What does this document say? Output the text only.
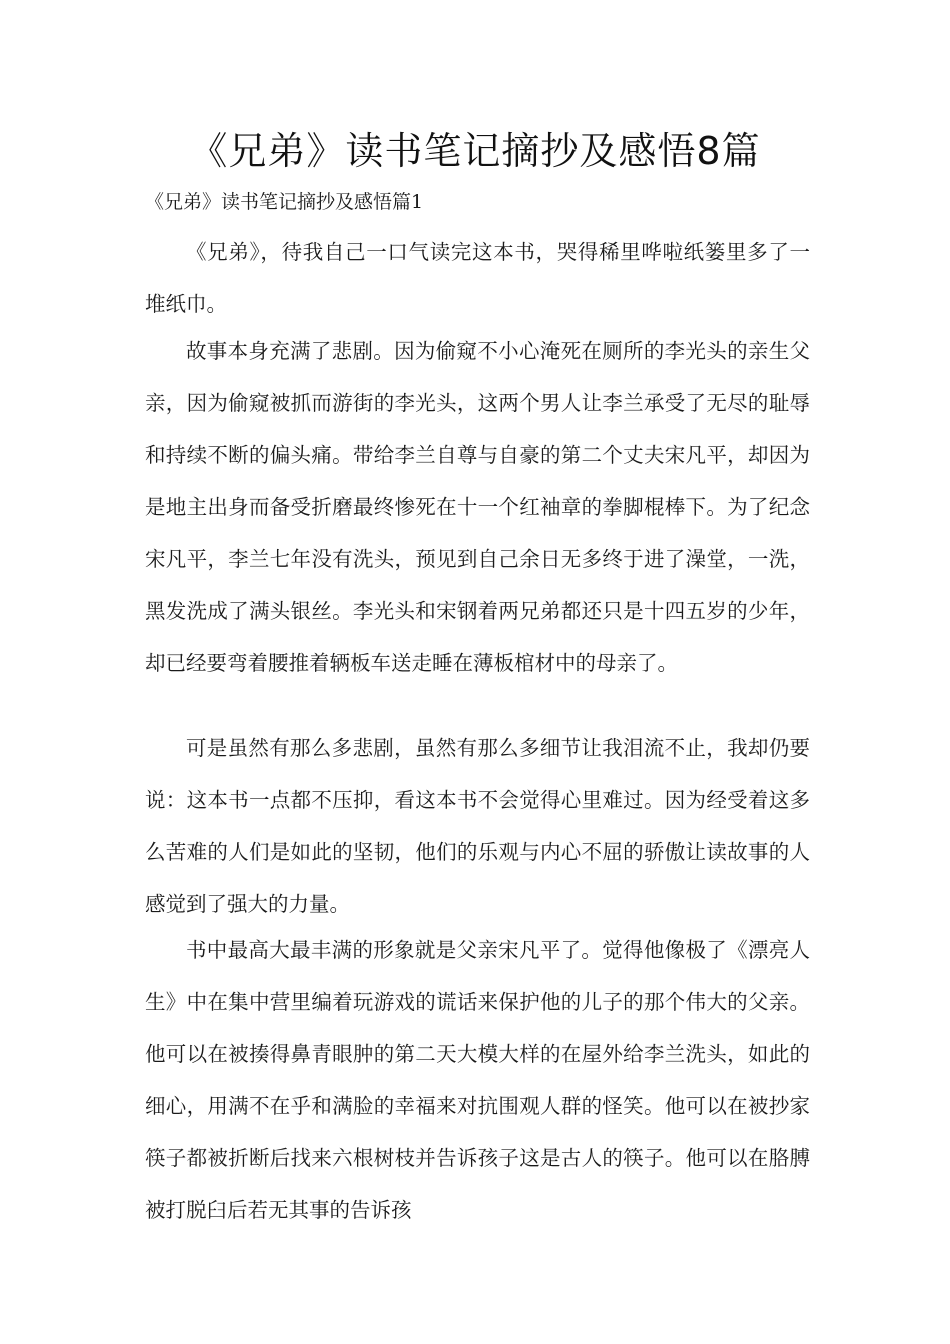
《兄弟》读书笔记摘抄及感悟8篇

《兄弟》读书笔记摘抄及感悟篇1

《兄弟》，待我自己一口气读完这本书，哭得稀里哗啦纸篓里多了一堆纸巾。

故事本身充满了悲剧。因为偷窥不小心淹死在厕所的李光头的亲生父亲，因为偷窥被抓而游街的李光头，这两个男人让李兰承受了无尽的耻辱和持续不断的偏头痛。带给李兰自尊与自豪的第二个丈夫宋凡平，却因为是地主出身而备受折磨最终惨死在十一个红袖章的拳脚棍棒下。为了纪念宋凡平，李兰七年没有洗头，预见到自己余日无多终于进了澡堂，一洗，黑发洗成了满头银丝。李光头和宋钢着两兄弟都还只是十四五岁的少年，却已经要弯着腰推着辆板车送走睡在薄板棺材中的母亲了。

可是虽然有那么多悲剧，虽然有那么多细节让我泪流不止，我却仍要说：这本书一点都不压抑，看这本书不会觉得心里难过。因为经受着这多么苦难的人们是如此的坚韧，他们的乐观与内心不屈的骄傲让读故事的人感觉到了强大的力量。

书中最高大最丰满的形象就是父亲宋凡平了。觉得他像极了《漂亮人生》中在集中营里编着玩游戏的谎话来保护他的儿子的那个伟大的父亲。他可以在被揍得鼻青眼肿的第二天大模大样的在屋外给李兰洗头，如此的细心，用满不在乎和满脸的幸福来对抗围观人群的怪笑。他可以在被抄家筷子都被折断后找来六根树枝并告诉孩子这是古人的筷子。他可以在胳膊被打脱臼后若无其事的告诉孩
